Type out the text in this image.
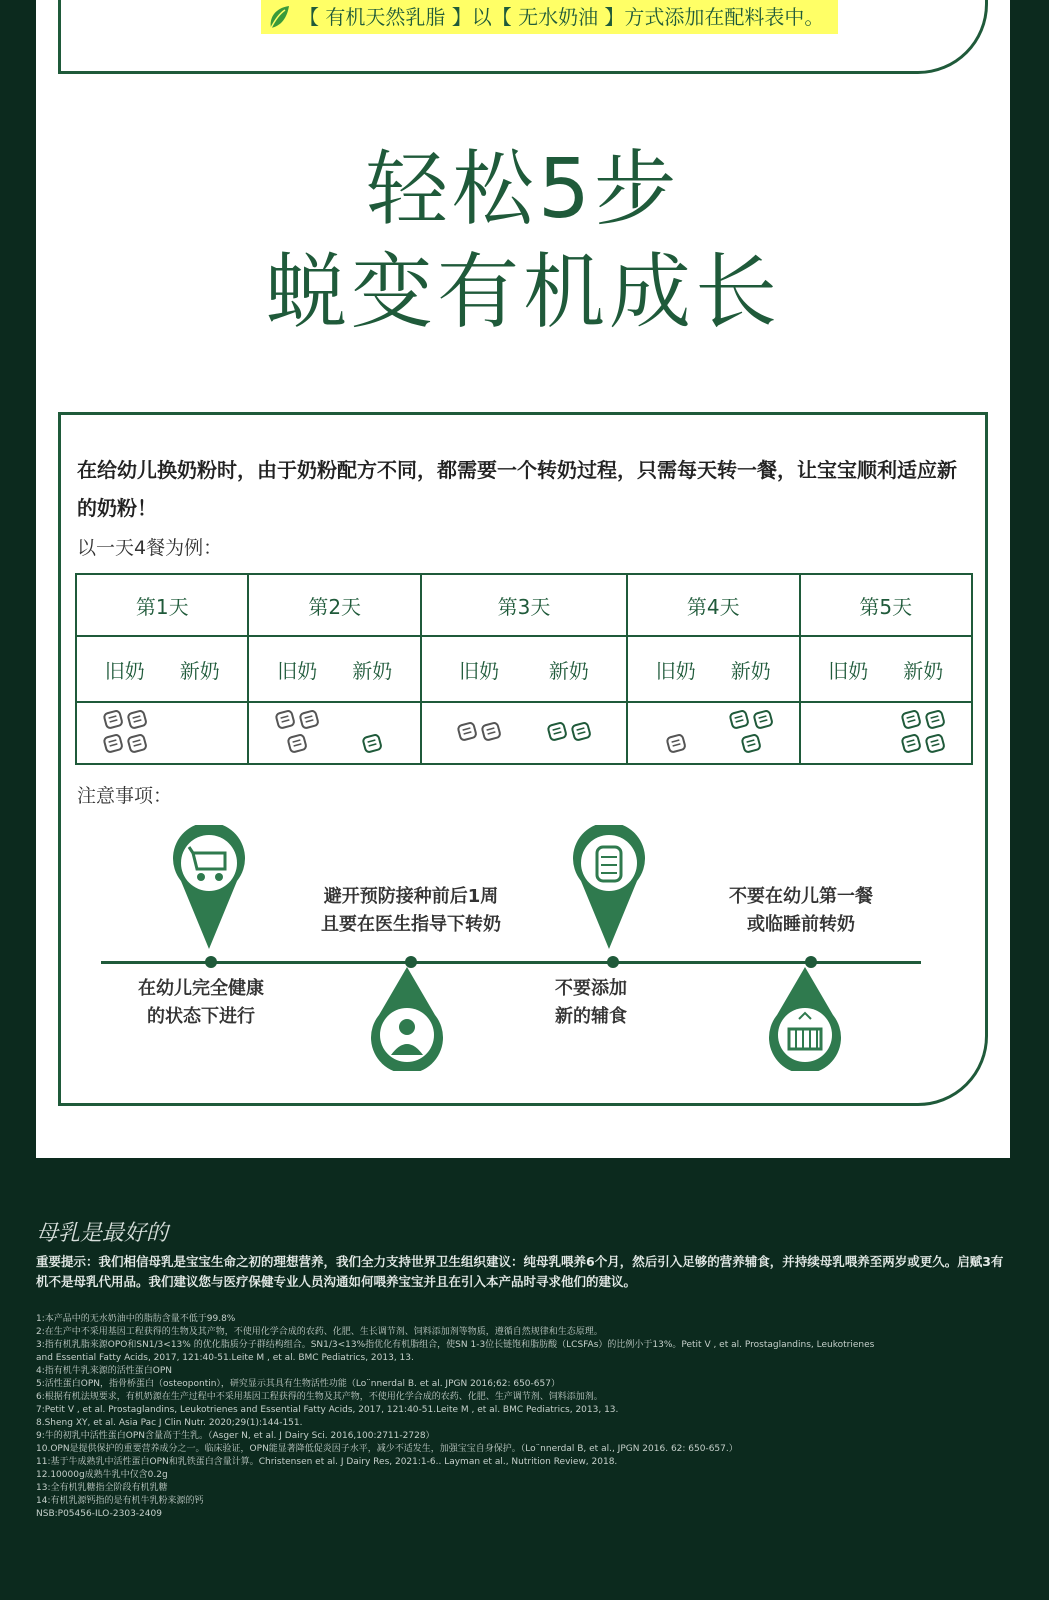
【 有机天然乳脂 】以【 无水奶油 】方式添加在配料表中。
轻松5步
蜕变有机成长
在给幼儿换奶粉时，由于奶粉配方不同，都需要一个转奶过程，只需每天转一餐，让宝宝顺利适应新的奶粉！
以一天4餐为例：
第1天	第2天	第3天	第4天	第5天
旧奶 新奶	旧奶 新奶	旧奶 新奶	旧奶 新奶	旧奶 新奶

注意事项：
在幼儿完全健康
的状态下进行
避开预防接种前后1周
且要在医生指导下转奶
不要添加
新的辅食
不要在幼儿第一餐
或临睡前转奶
母乳是最好的
重要提示：我们相信母乳是宝宝生命之初的理想营养，我们全力支持世界卫生组织建议：纯母乳喂养6个月，然后引入足够的营养辅食，并持续母乳喂养至两岁或更久。启赋3有机不是母乳代用品。我们建议您与医疗保健专业人员沟通如何喂养宝宝并且在引入本产品时寻求他们的建议。
1:本产品中的无水奶油中的脂肪含量不低于99.8%
2:在生产中不采用基因工程获得的生物及其产物，不使用化学合成的农药、化肥、生长调节剂、饲料添加剂等物质，遵循自然规律和生态原理。
3:指有机乳脂来源OPO和SN1/3<13% 的优化脂质分子群结构组合。SN1/3<13%指优化有机脂组合，使SN 1-3位长链饱和脂肪酸（LCSFAs）的比例小于13%。Petit V , et al. Prostaglandins, Leukotrienes
and Essential Fatty Acids, 2017, 121:40-51.Leite M , et al. BMC Pediatrics, 2013, 13.
4:指有机牛乳来源的活性蛋白OPN
5:活性蛋白OPN，指骨桥蛋白（osteopontin），研究显示其具有生物活性功能（Lo¨nnerdal B. et al. JPGN 2016;62: 650-657）
6:根据有机法规要求，有机奶源在生产过程中不采用基因工程获得的生物及其产物，不使用化学合成的农药、化肥、生产调节剂、饲料添加剂。
7:Petit V , et al. Prostaglandins, Leukotrienes and Essential Fatty Acids, 2017, 121:40-51.Leite M , et al. BMC Pediatrics, 2013, 13.
8.Sheng XY, et al. Asia Pac J Clin Nutr. 2020;29(1):144-151.
9:牛的初乳中活性蛋白OPN含量高于生乳。（Asger N, et al. J Dairy Sci. 2016,100:2711-2728）
10.OPN是提供保护的重要营养成分之一。临床验证，OPN能显著降低促炎因子水平，减少不适发生，加强宝宝自身保护。（Lo¨nnerdal B, et al., JPGN 2016. 62: 650-657.）
11:基于牛成熟乳中活性蛋白OPN和乳铁蛋白含量计算。Christensen et al. J Dairy Res, 2021:1-6.. Layman et al., Nutrition Review, 2018.
12.10000g成熟牛乳中仅含0.2g
13:全有机乳糖指全阶段有机乳糖
14:有机乳源钙指的是有机牛乳粉来源的钙
NSB:P05456-ILO-2303-2409
